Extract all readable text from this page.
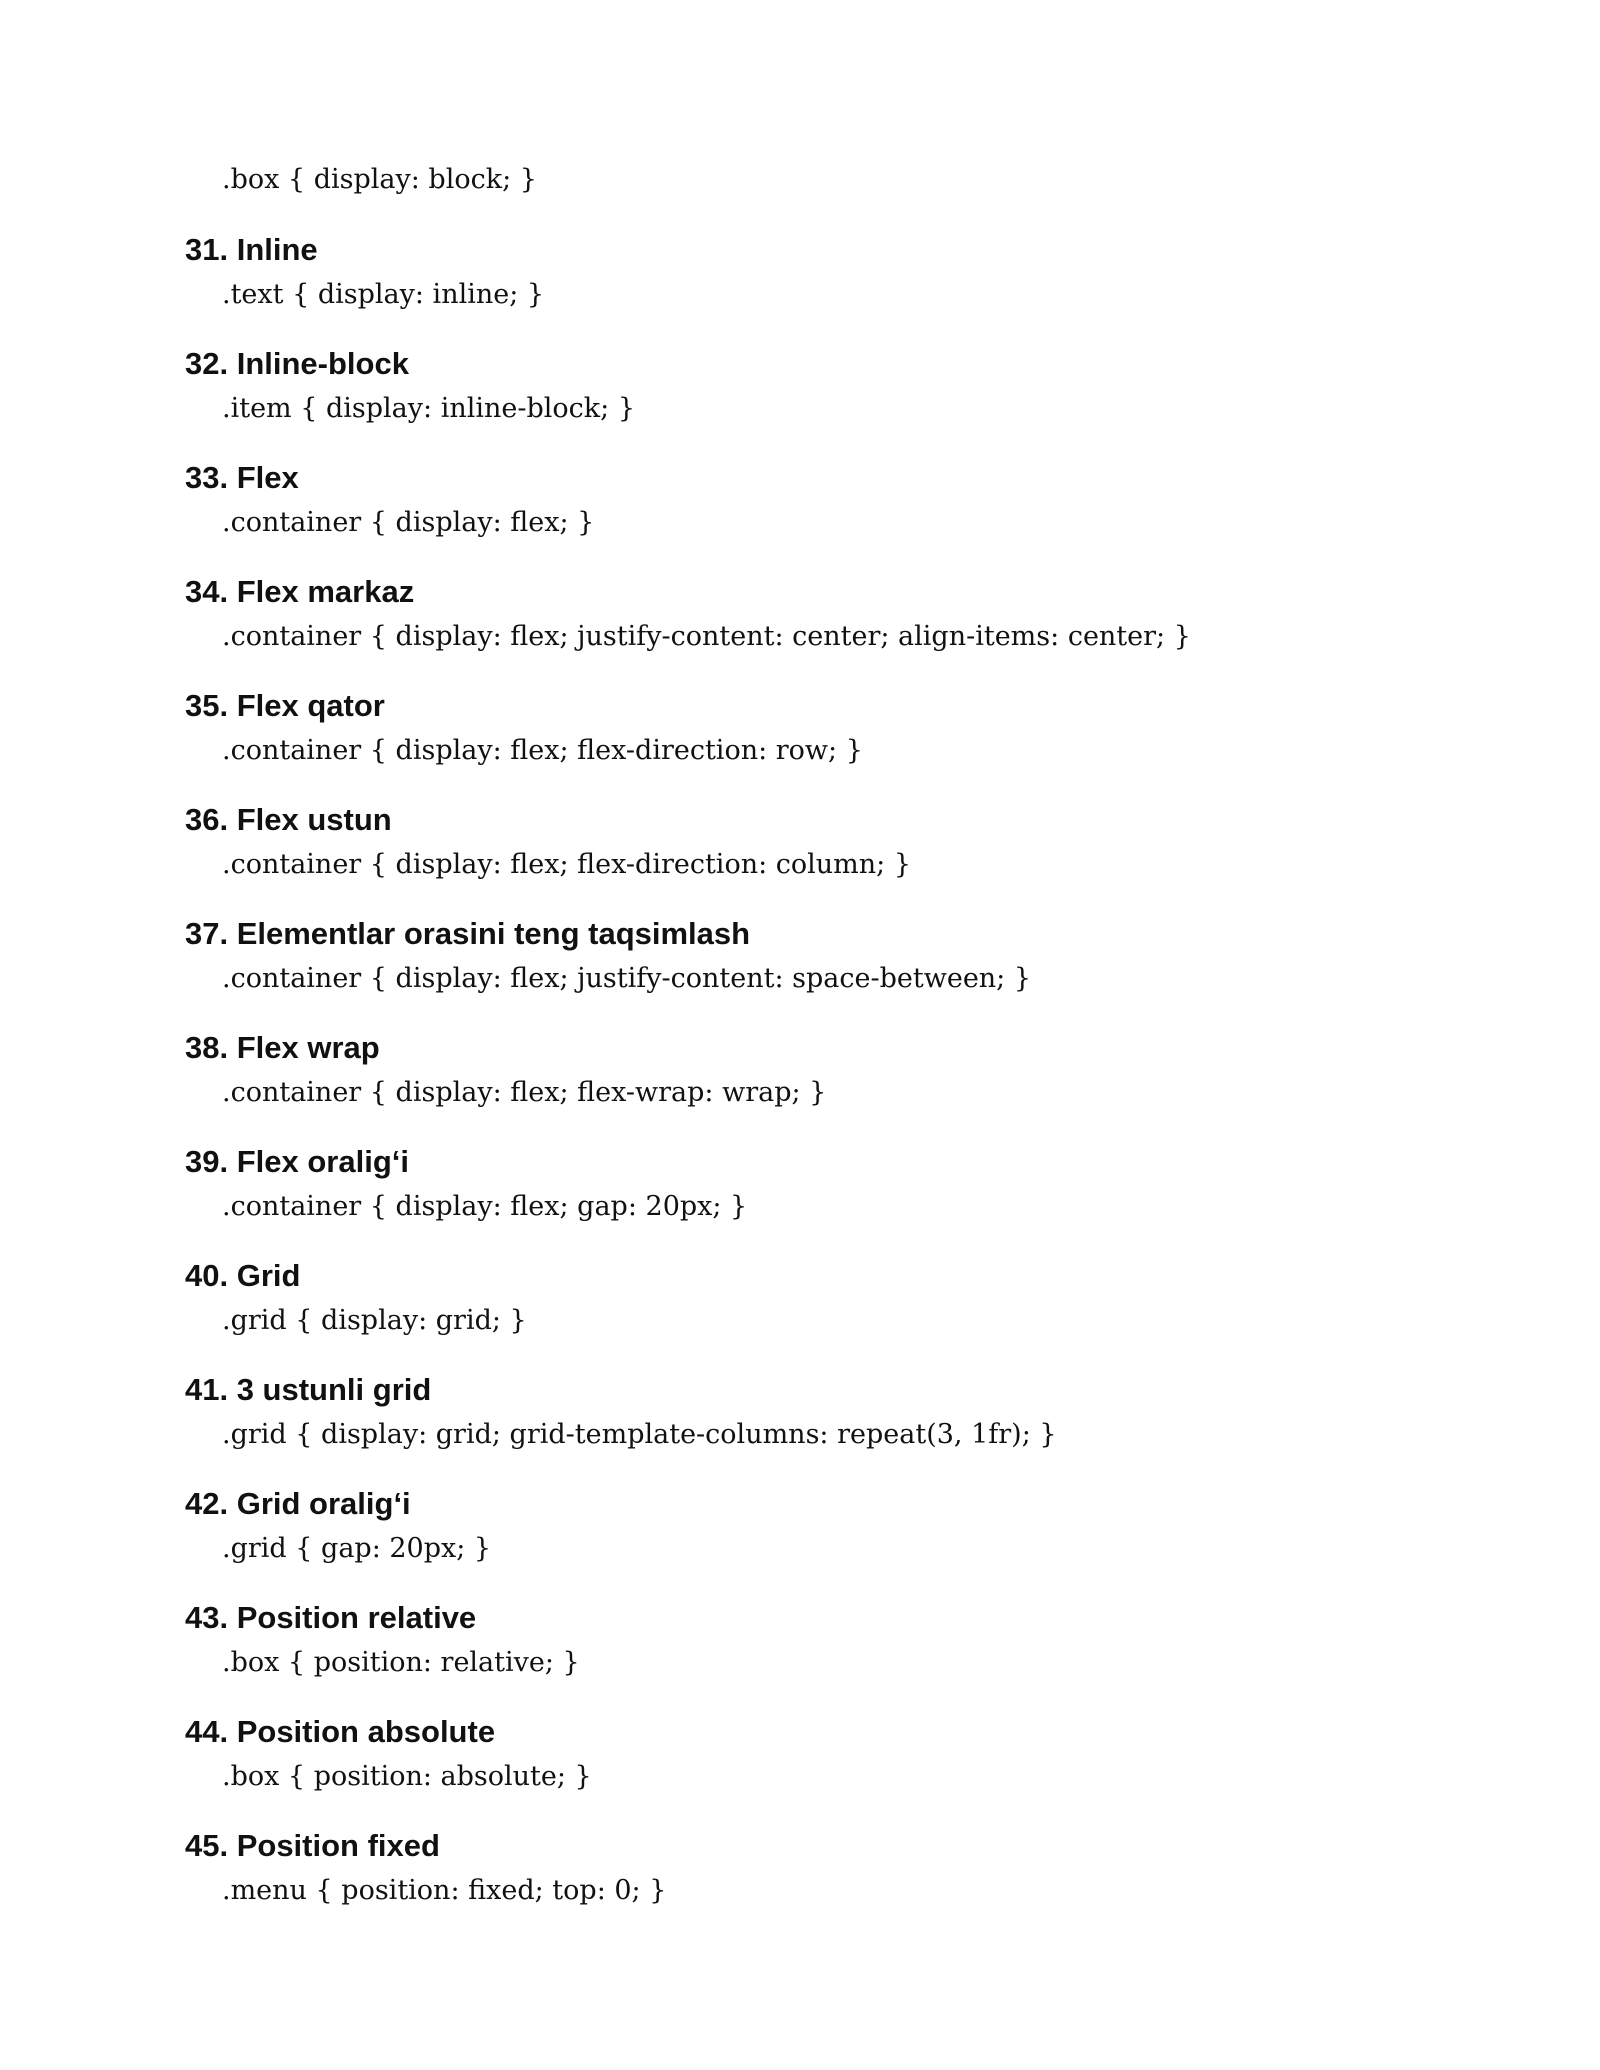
.box { display: block; }
31. Inline
.text { display: inline; }
32. Inline-block
.item { display: inline-block; }
33. Flex
.container { display: flex; }
34. Flex markaz
.container { display: flex; justify-content: center; align-items: center; }
35. Flex qator
.container { display: flex; flex-direction: row; }
36. Flex ustun
.container { display: flex; flex-direction: column; }
37. Elementlar orasini teng taqsimlash
.container { display: flex; justify-content: space-between; }
38. Flex wrap
.container { display: flex; flex-wrap: wrap; }
39. Flex oralig‘i
.container { display: flex; gap: 20px; }
40. Grid
.grid { display: grid; }
41. 3 ustunli grid
.grid { display: grid; grid-template-columns: repeat(3, 1fr); }
42. Grid oralig‘i
.grid { gap: 20px; }
43. Position relative
.box { position: relative; }
44. Position absolute
.box { position: absolute; }
45. Position fixed
.menu { position: fixed; top: 0; }
